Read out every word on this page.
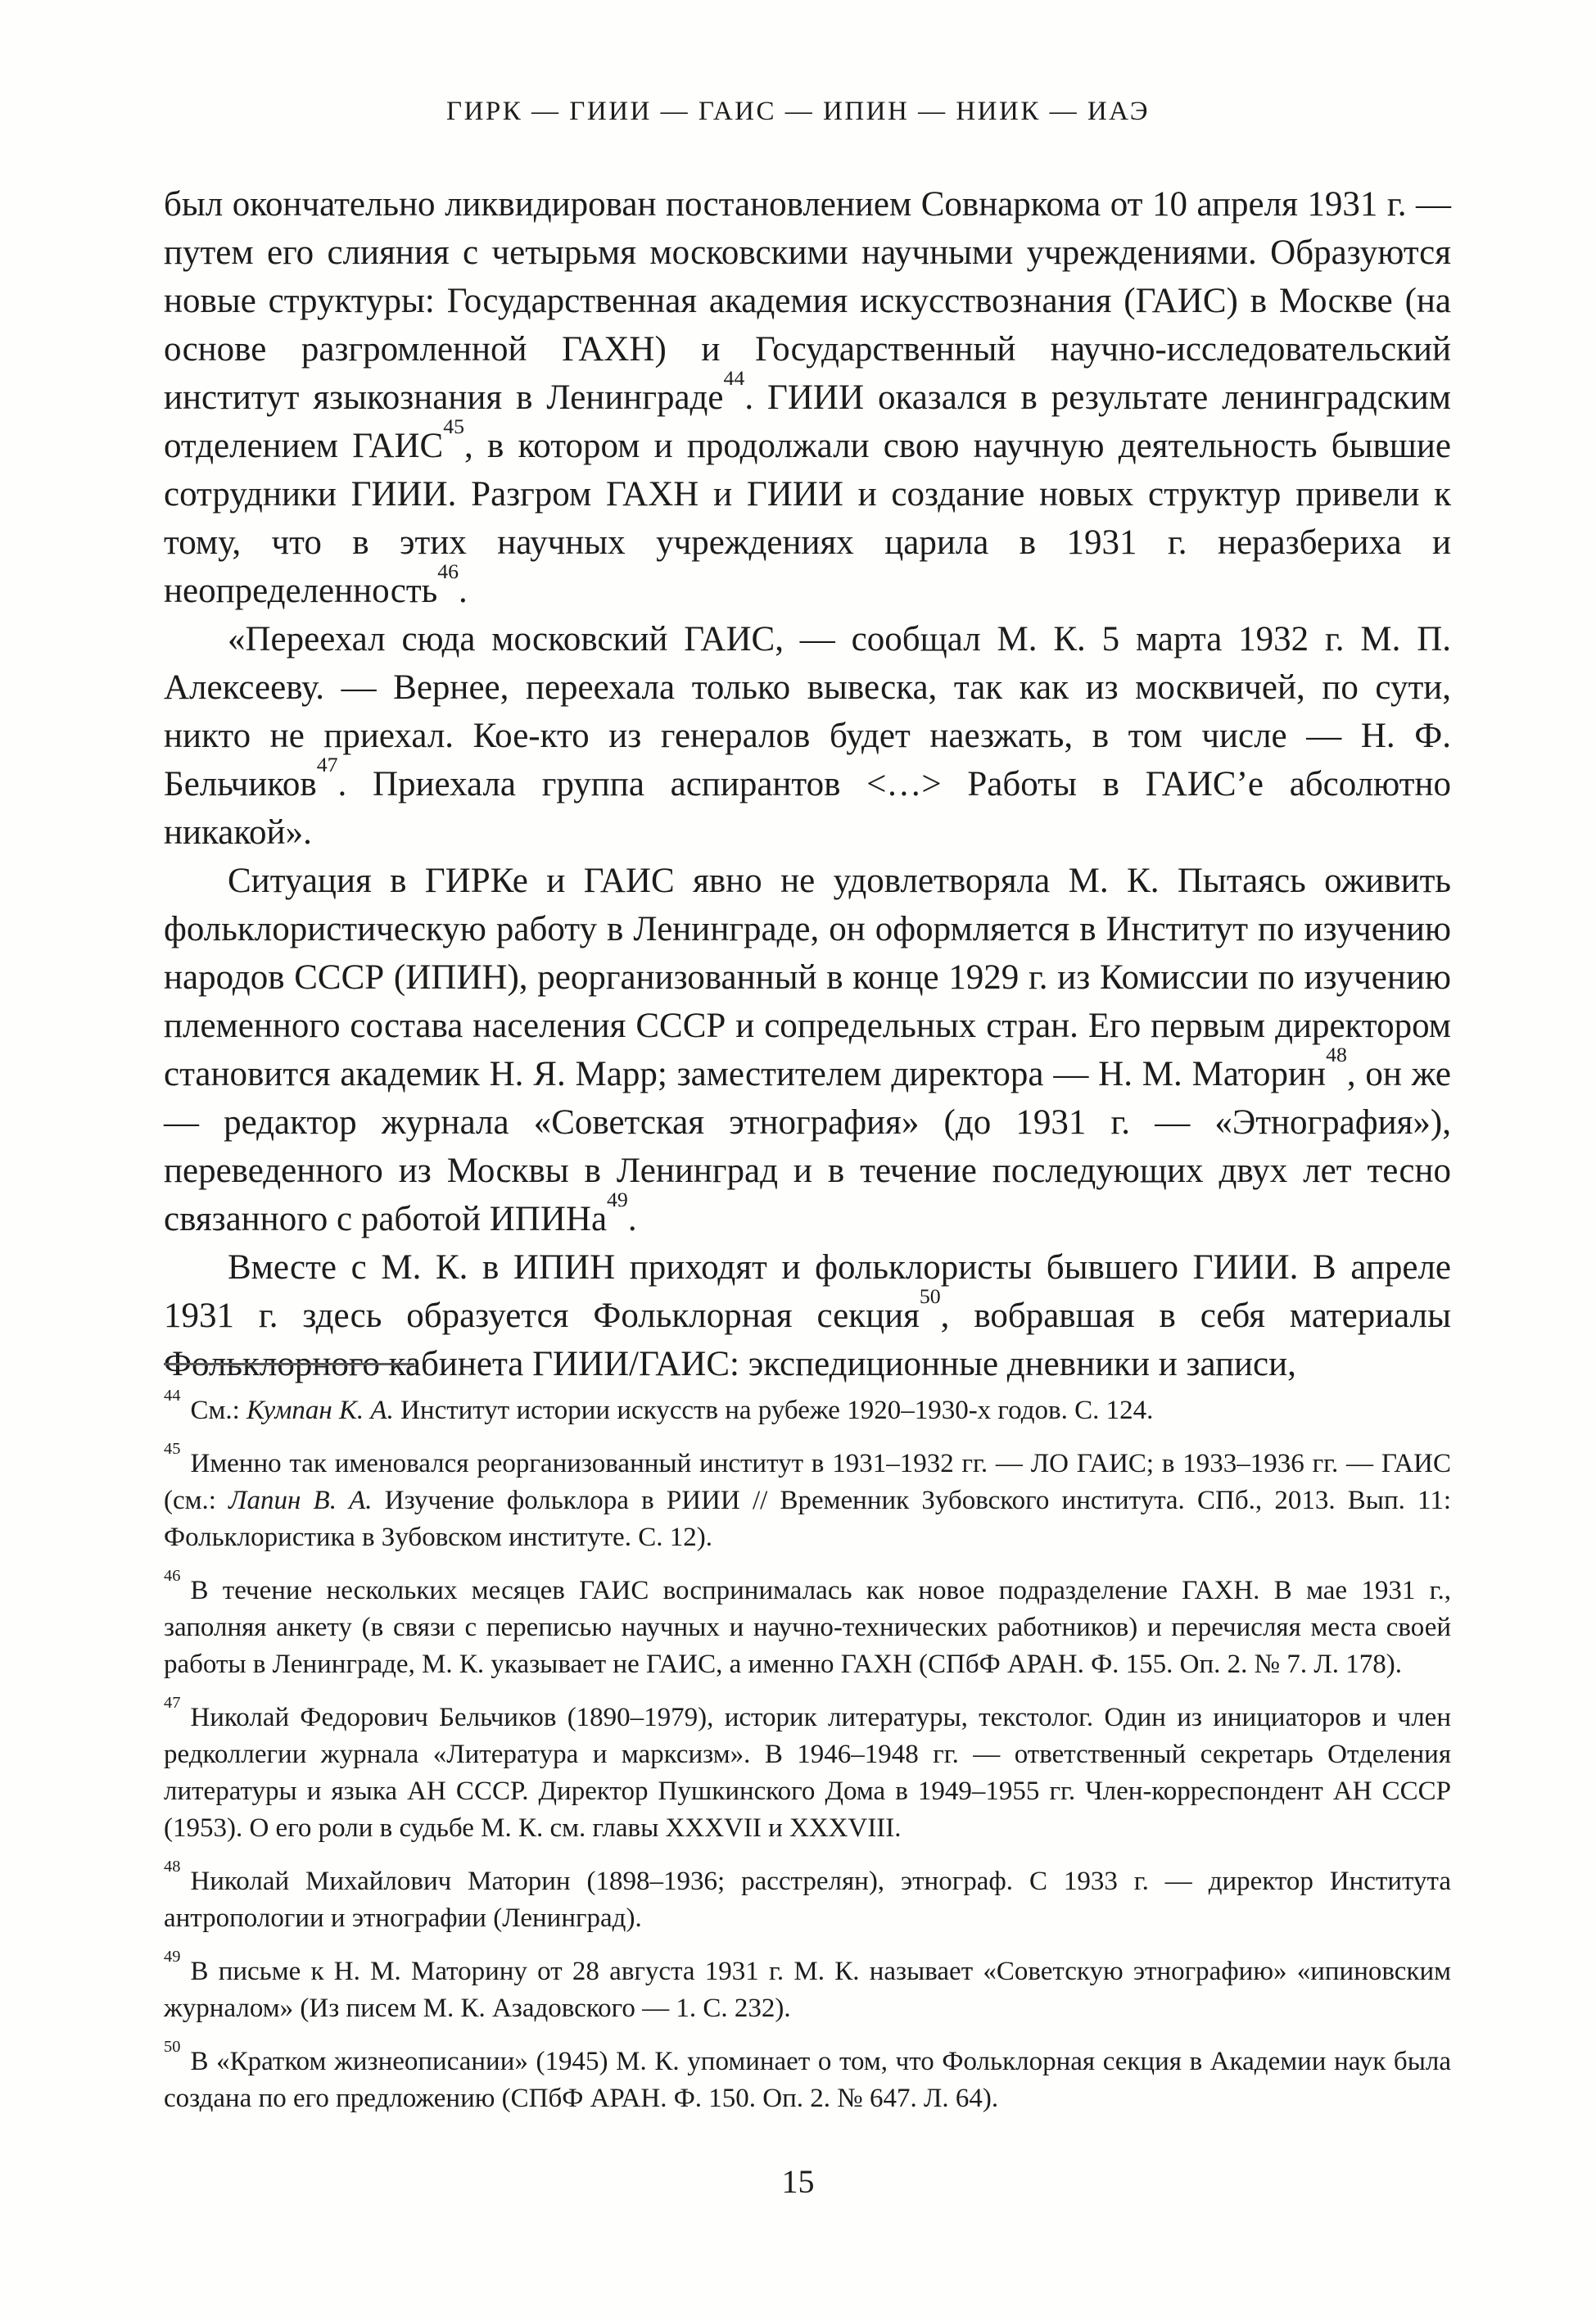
ГИРК — ГИИИ — ГАИС — ИПИН — НИИК — ИАЭ

был окончательно ликвидирован постановлением Совнаркома от 10 апреля 1931 г. — путем его слияния с четырьмя московскими научными учреждениями. Образуются новые структуры: Государственная академия искусствознания (ГАИС) в Москве (на основе разгромленной ГАХН) и Государственный научно-исследовательский институт языкознания в Ленинграде$^{44}$. ГИИИ оказался в результате ленинградским отделением ГАИС$^{45}$, в котором и продолжали свою научную деятельность бывшие сотрудники ГИИИ. Разгром ГАХН и ГИИИ и создание новых структур привели к тому, что в этих научных учреждениях царила в 1931 г. неразбериха и неопределенность$^{46}$.

«Переехал сюда московский ГАИС, — сообщал М. К. 5 марта 1932 г. М. П. Алексееву. — Вернее, переехала только вывеска, так как из москвичей, по сути, никто не приехал. Кое-кто из генералов будет наезжать, в том числе — Н. Ф. Бельчиков$^{47}$. Приехала группа аспирантов <…> Работы в ГАИС’е абсолютно никакой».

Ситуация в ГИРКе и ГАИС явно не удовлетворяла М. К. Пытаясь оживить фольклористическую работу в Ленинграде, он оформляется в Институт по изучению народов СССР (ИПИН), реорганизованный в конце 1929 г. из Комиссии по изучению племенного состава населения СССР и сопредельных стран. Его первым директором становится академик Н. Я. Марр; заместителем директора — Н. М. Маторин$^{48}$, он же — редактор журнала «Советская этнография» (до 1931 г. — «Этнография»), переведенного из Москвы в Ленинград и в течение последующих двух лет тесно связанного с работой ИПИНа$^{49}$.

Вместе с М. К. в ИПИН приходят и фольклористы бывшего ГИИИ. В апреле 1931 г. здесь образуется Фольклорная секция$^{50}$, вобравшая в себя материалы Фольклорного кабинета ГИИИ/ГАИС: экспедиционные дневники и записи,

$^{44}$См.: Кумпан К. А. Институт истории искусств на рубеже 1920–1930-х годов. С. 124.
$^{45}$Именно так именовался реорганизованный институт в 1931–1932 гг. — ЛО ГАИС; в 1933–1936 гг. — ГАИС (см.: Лапин В. А. Изучение фольклора в РИИИ // Временник Зубовского института. СПб., 2013. Вып. 11: Фольклористика в Зубовском институте. С. 12).
$^{46}$В течение нескольких месяцев ГАИС воспринималась как новое подразделение ГАХН. В мае 1931 г., заполняя анкету (в связи с переписью научных и научно-технических работников) и перечисляя места своей работы в Ленинграде, М. К. указывает не ГАИС, а именно ГАХН (СПбФ АРАН. Ф. 155. Оп. 2. № 7. Л. 178).
$^{47}$Николай Федорович Бельчиков (1890–1979), историк литературы, текстолог. Один из инициаторов и член редколлегии журнала «Литература и марксизм». В 1946–1948 гг. — ответственный секретарь Отделения литературы и языка АН СССР. Директор Пушкинского Дома в 1949–1955 гг. Член-корреспондент АН СССР (1953). О его роли в судьбе М. К. см. главы XXXVII и XXXVIII.
$^{48}$Николай Михайлович Маторин (1898–1936; расстрелян), этнограф. С 1933 г. — директор Института антропологии и этнографии (Ленинград).
$^{49}$В письме к Н. М. Маторину от 28 августа 1931 г. М. К. называет «Советскую этнографию» «ипиновским журналом» (Из писем М. К. Азадовского — 1. С. 232).
$^{50}$В «Кратком жизнеописании» (1945) М. К. упоминает о том, что Фольклорная секция в Академии наук была создана по его предложению (СПбФ АРАН. Ф. 150. Оп. 2. № 647. Л. 64).
15
